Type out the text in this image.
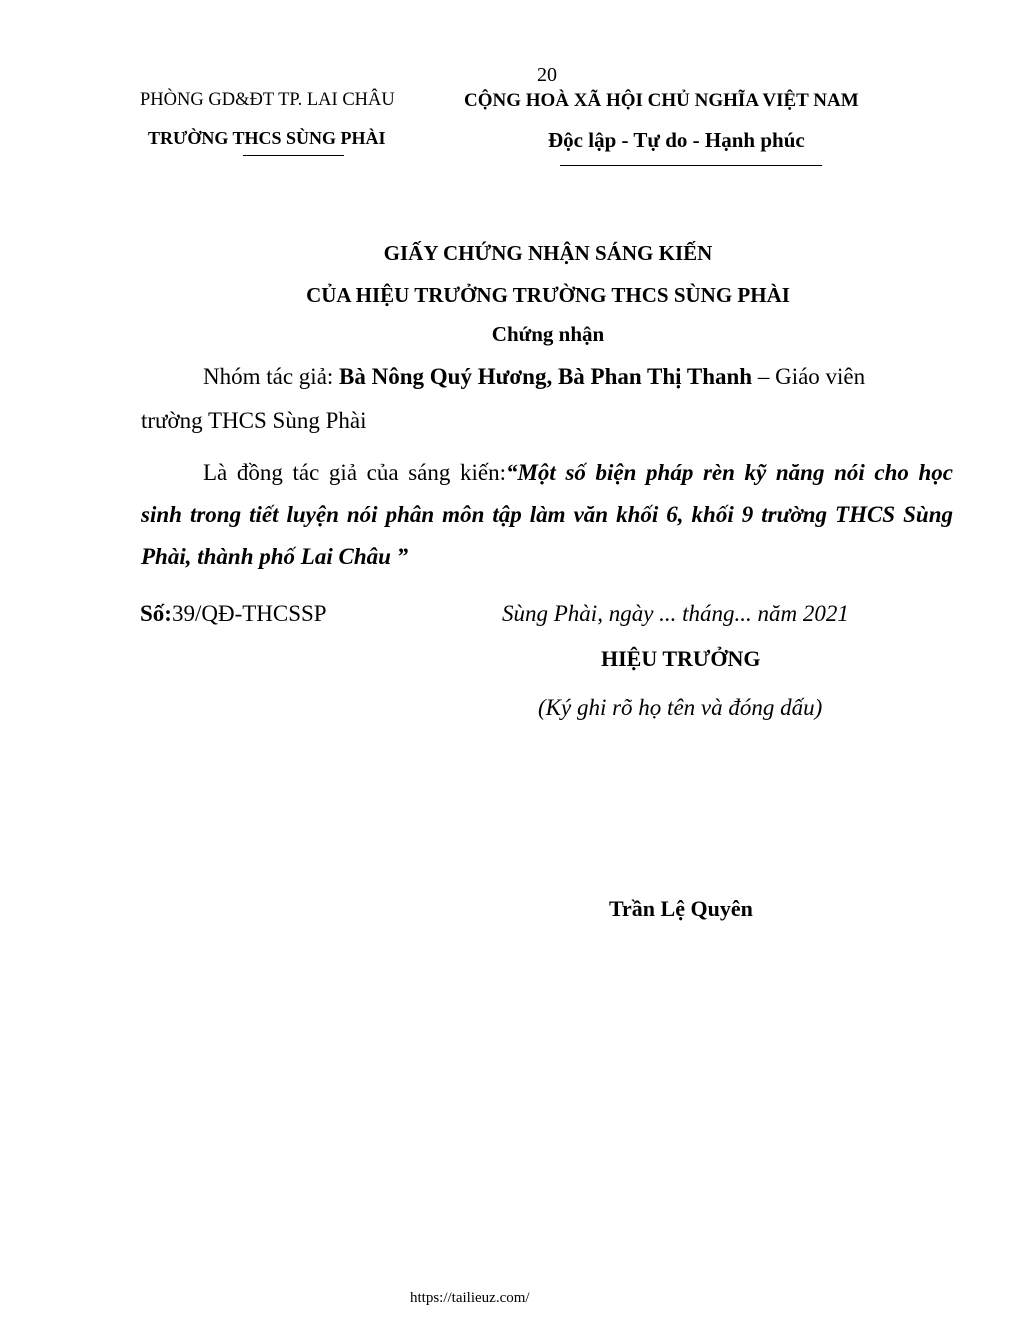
20
PHÒNG GD&ĐT TP. LAI CHÂU
TRƯỜNG THCS SÙNG PHÀI
CỘNG HOÀ XÃ HỘI CHỦ NGHĨA VIỆT NAM
Độc lập - Tự do - Hạnh phúc
GIẤY CHỨNG NHẬN SÁNG KIẾN
CỦA HIỆU TRƯỞNG TRƯỜNG THCS SÙNG PHÀI
Chứng nhận
Nhóm tác giả: Bà Nông Quý Hương, Bà Phan Thị Thanh – Giáo viên
trường THCS Sùng Phài
Là đồng tác giả của sáng kiến:“Một số biện pháp rèn kỹ năng nói cho học
sinh trong tiết luyện nói phân môn tập làm văn khối 6, khối 9 trường THCS Sùng
Phài, thành phố Lai Châu ”
Số:39/QĐ-THCSSP	Sùng Phài, ngày ... tháng... năm 2021
HIỆU TRƯỞNG
(Ký ghi rõ họ tên và đóng dấu)
Trần Lệ Quyên
https://tailieuz.com/
